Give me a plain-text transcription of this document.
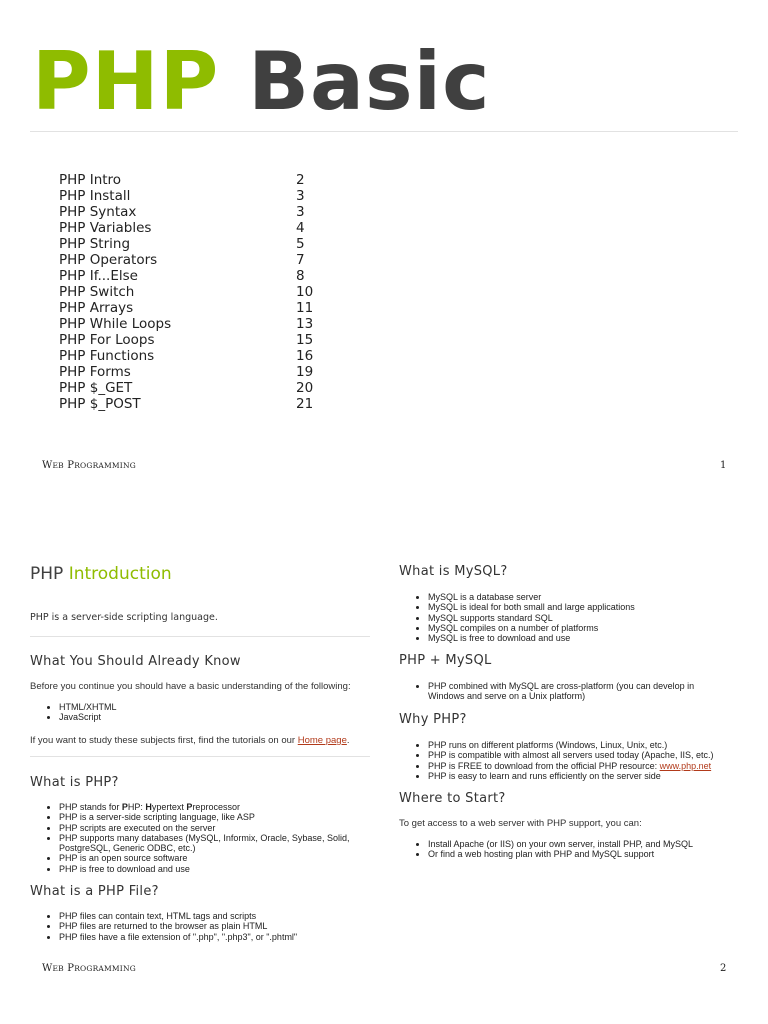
PHP Basic
PHP Intro	2
PHP Install	3
PHP Syntax	3
PHP Variables	4
PHP String	5
PHP Operators	7
PHP If...Else	8
PHP Switch	10
PHP Arrays	11
PHP While Loops	13
PHP For Loops	15
PHP Functions	16
PHP Forms	19
PHP $_GET	20
PHP $_POST	21
WEB PROGRAMMING	1
PHP Introduction
PHP is a server-side scripting language.
What You Should Already Know
Before you continue you should have a basic understanding of the following:
• HTML/XHTML
• JavaScript
If you want to study these subjects first, find the tutorials on our Home page.
What is PHP?
• PHP stands for PHP: Hypertext Preprocessor
• PHP is a server-side scripting language, like ASP
• PHP scripts are executed on the server
• PHP supports many databases (MySQL, Informix, Oracle, Sybase, Solid, PostgreSQL, Generic ODBC, etc.)
• PHP is an open source software
• PHP is free to download and use
What is a PHP File?
• PHP files can contain text, HTML tags and scripts
• PHP files are returned to the browser as plain HTML
• PHP files have a file extension of ".php", ".php3", or ".phtml"
What is MySQL?
• MySQL is a database server
• MySQL is ideal for both small and large applications
• MySQL supports standard SQL
• MySQL compiles on a number of platforms
• MySQL is free to download and use
PHP + MySQL
• PHP combined with MySQL are cross-platform (you can develop in Windows and serve on a Unix platform)
Why PHP?
• PHP runs on different platforms (Windows, Linux, Unix, etc.)
• PHP is compatible with almost all servers used today (Apache, IIS, etc.)
• PHP is FREE to download from the official PHP resource: www.php.net
• PHP is easy to learn and runs efficiently on the server side
Where to Start?
To get access to a web server with PHP support, you can:
• Install Apache (or IIS) on your own server, install PHP, and MySQL
• Or find a web hosting plan with PHP and MySQL support
WEB PROGRAMMING	2
